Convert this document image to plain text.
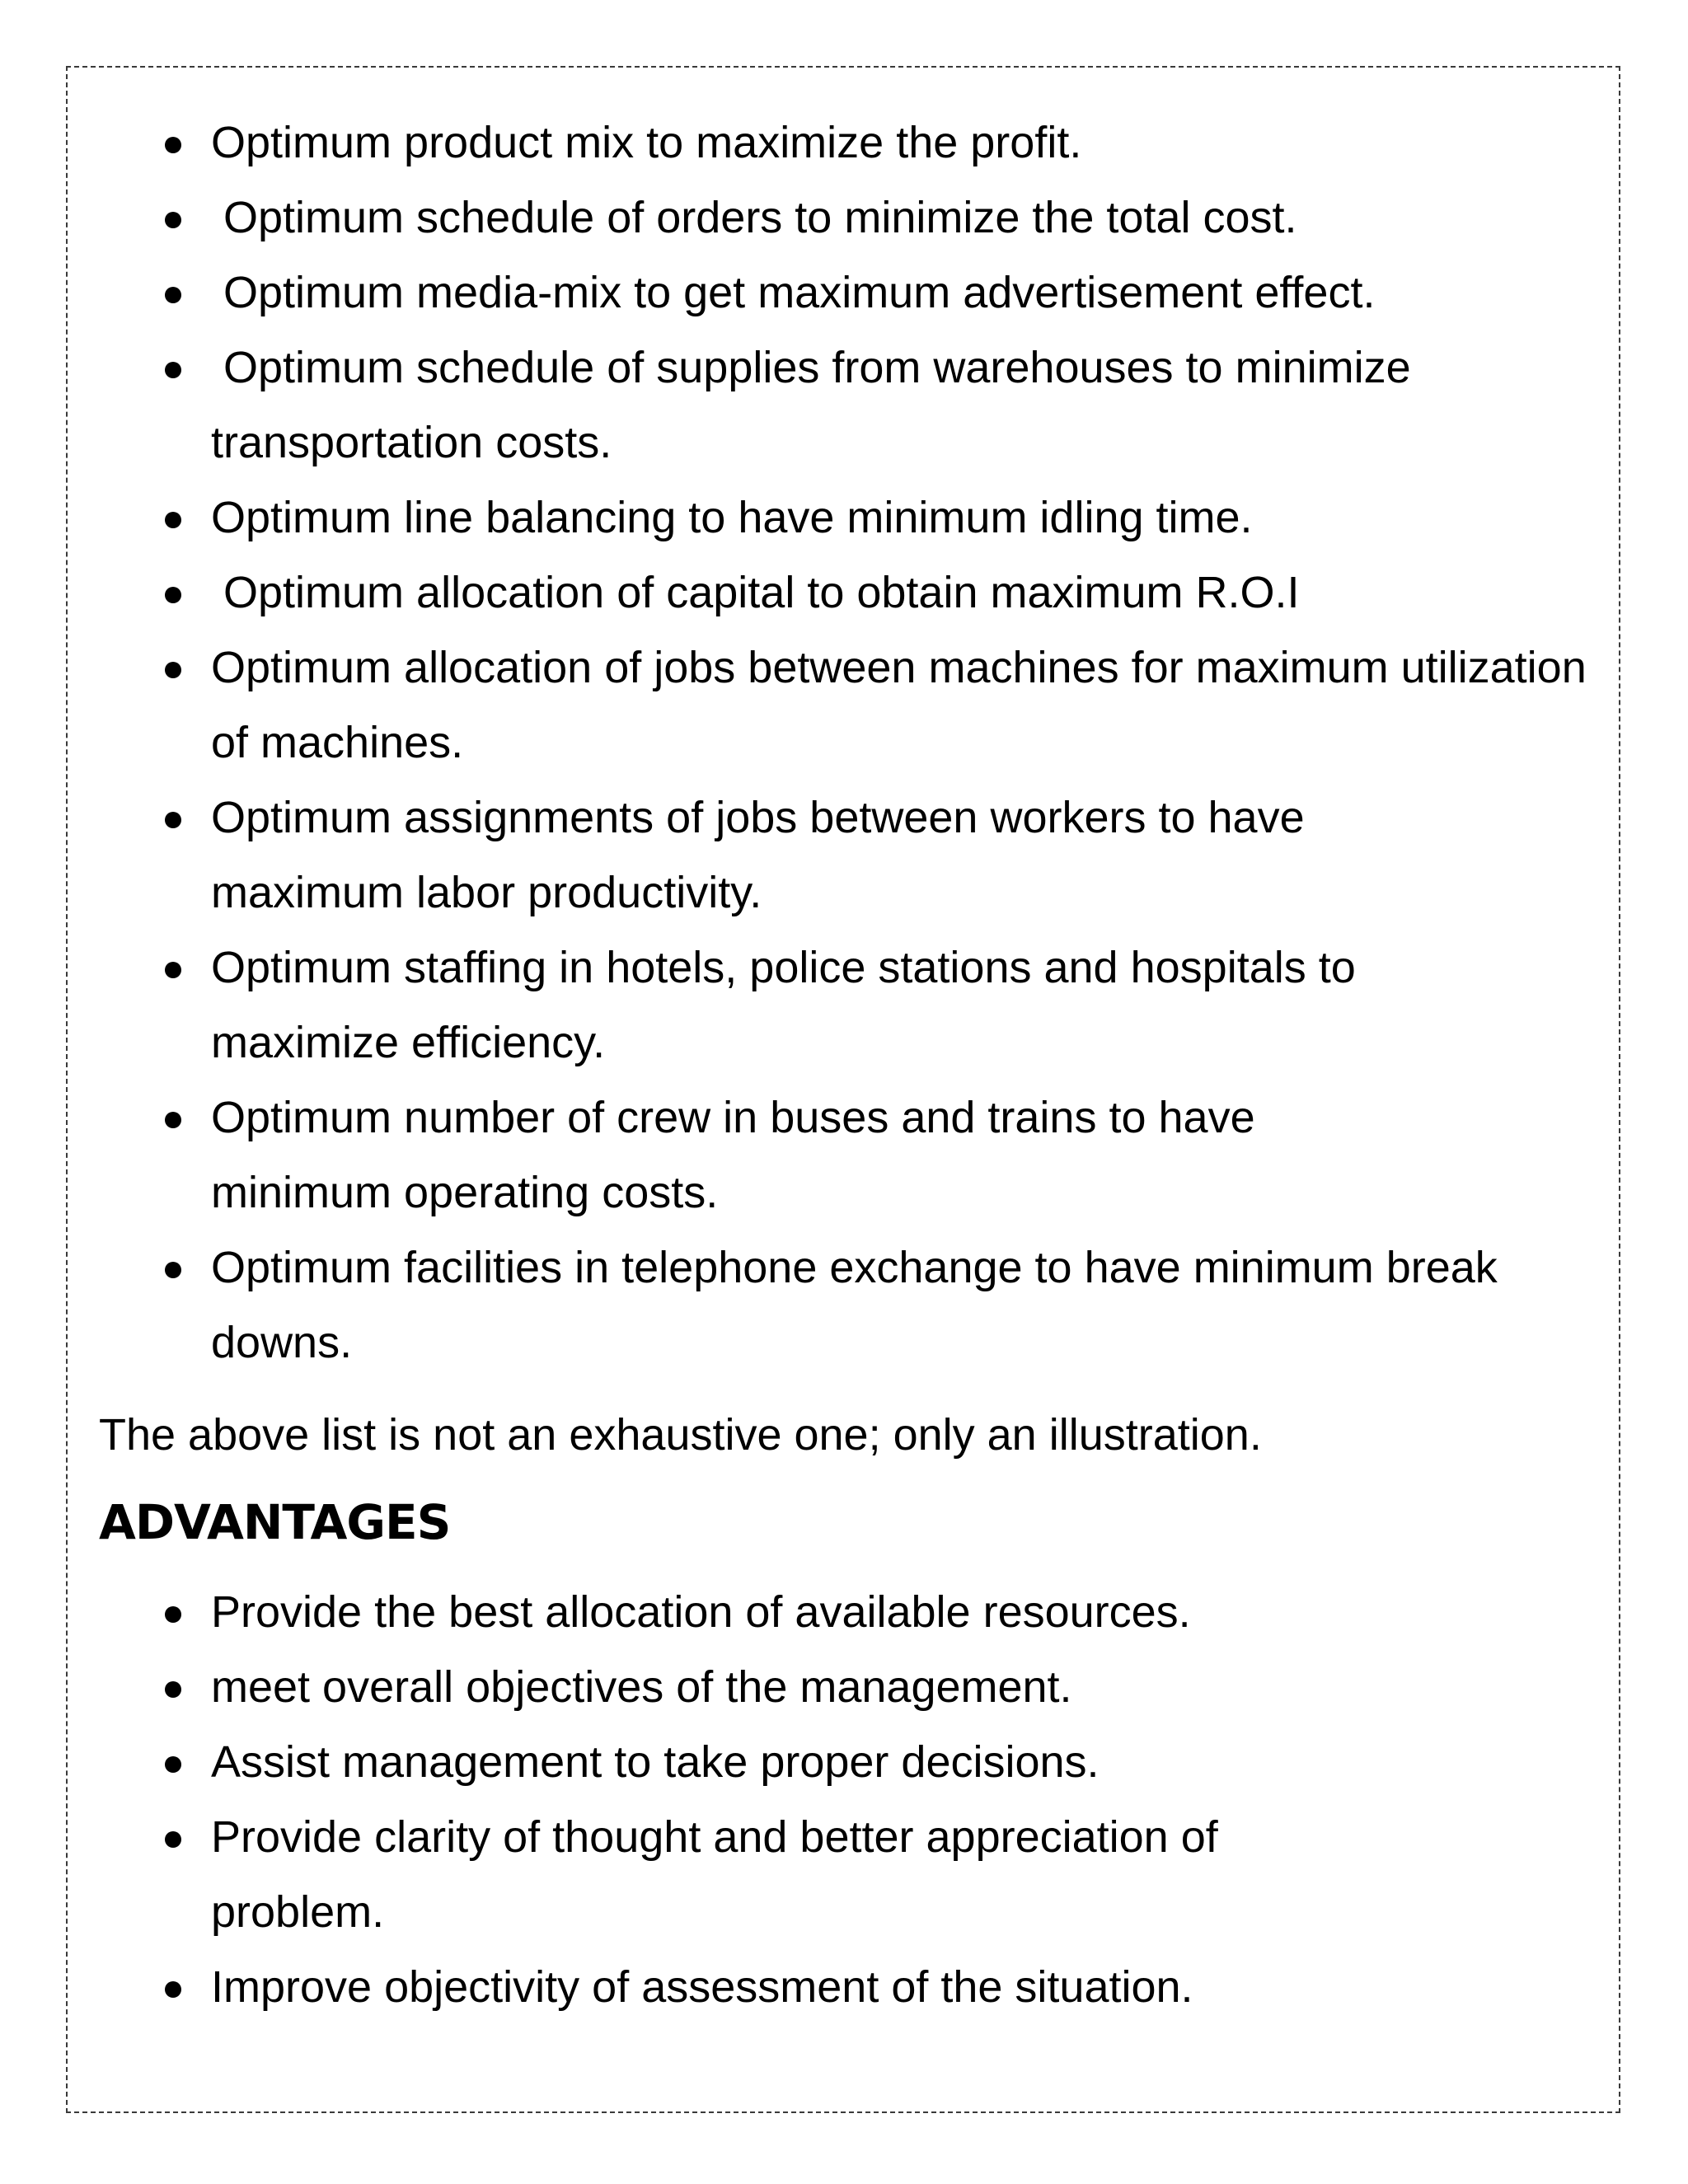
Optimum product mix to maximize the profit.
Optimum schedule of orders to minimize the total cost.
Optimum media-mix to get maximum advertisement effect.
Optimum schedule of supplies from warehouses to minimize transportation costs.
Optimum line balancing to have minimum idling time.
Optimum allocation of capital to obtain maximum R.O.I
Optimum allocation of jobs between machines for maximum utilization of machines.
Optimum assignments of jobs between workers to have maximum labor productivity.
Optimum staffing in hotels, police stations and hospitals to maximize efficiency.
Optimum number of crew in buses and trains to have minimum operating costs.
Optimum facilities in telephone exchange to have minimum break downs.

The above list is not an exhaustive one; only an illustration.

ADVANTAGES
Provide the best allocation of available resources.
meet overall objectives of the management.
Assist management to take proper decisions.
Provide clarity of thought and better appreciation of problem.
Improve objectivity of assessment of the situation.
